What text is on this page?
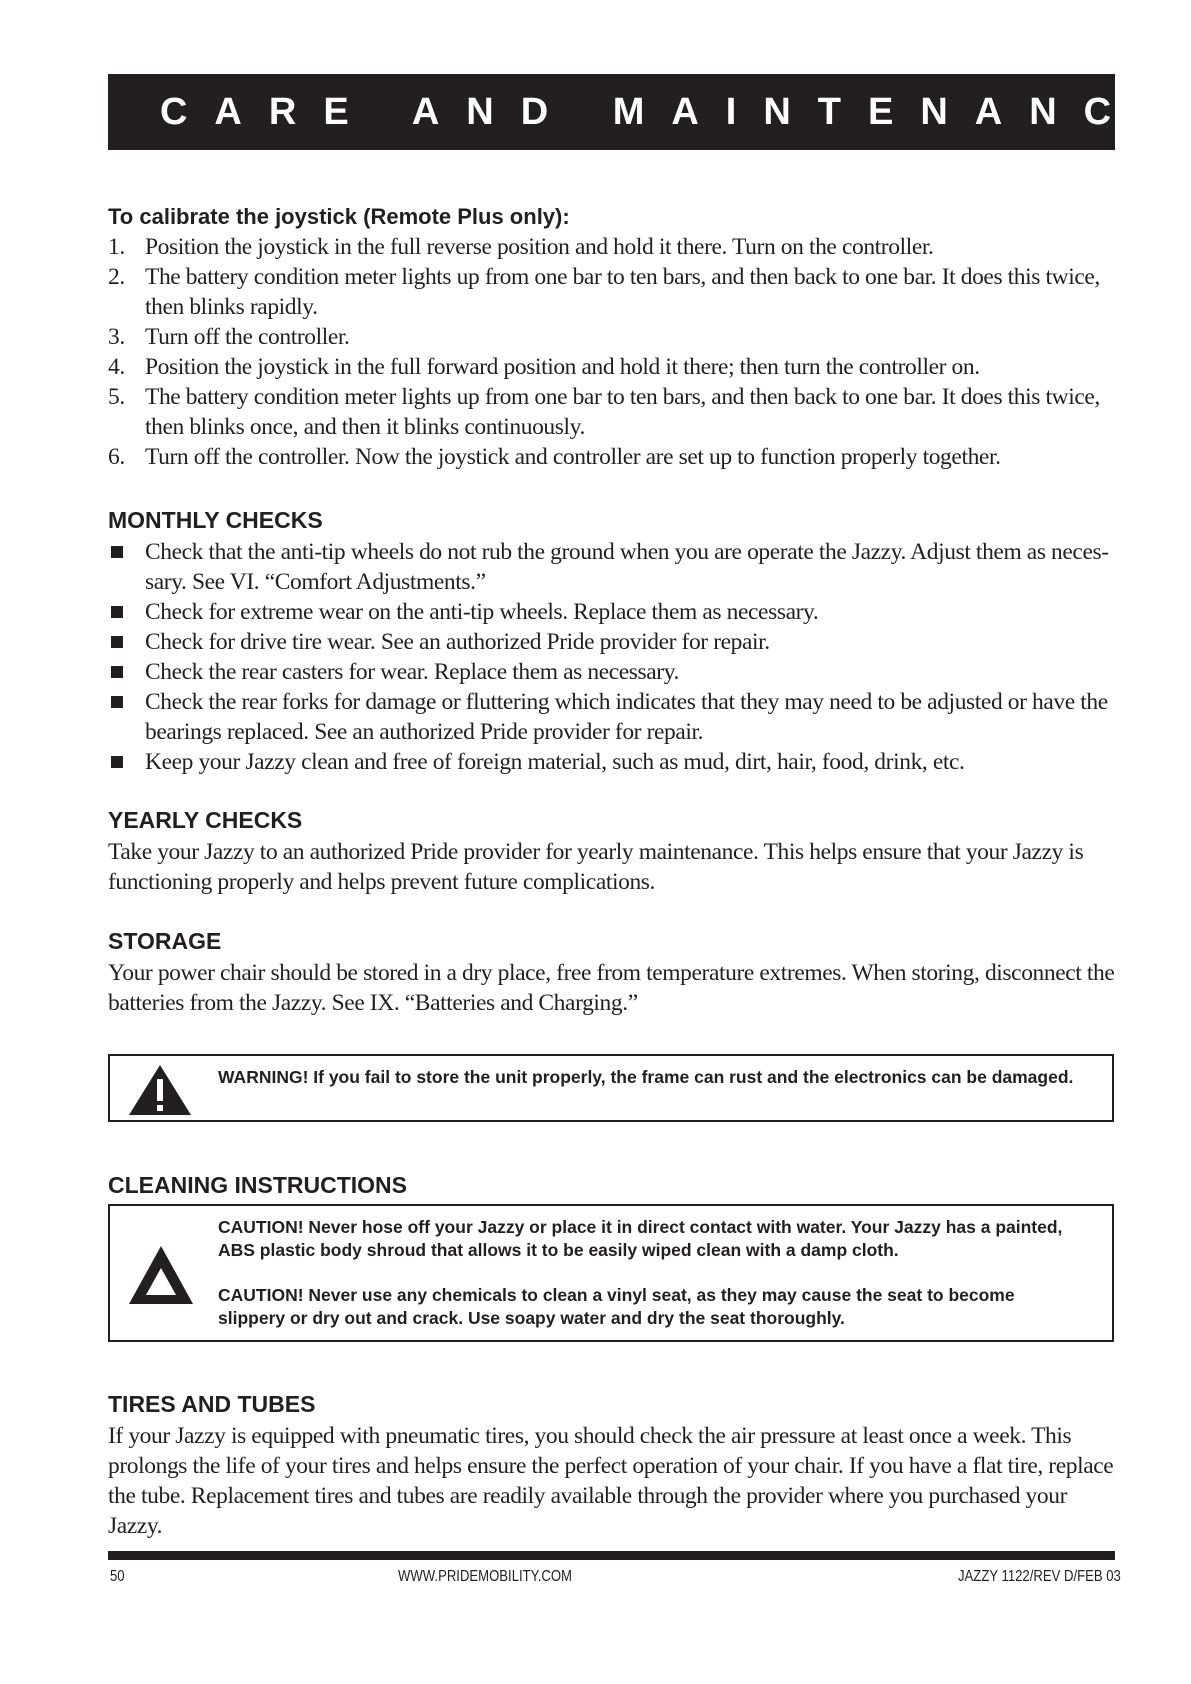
X. CARE AND MAINTENANCE
To calibrate the joystick (Remote Plus only):
1. Position the joystick in the full reverse position and hold it there. Turn on the controller.
2. The battery condition meter lights up from one bar to ten bars, and then back to one bar. It does this twice, then blinks rapidly.
3. Turn off the controller.
4. Position the joystick in the full forward position and hold it there; then turn the controller on.
5. The battery condition meter lights up from one bar to ten bars, and then back to one bar. It does this twice, then blinks once, and then it blinks continuously.
6. Turn off the controller. Now the joystick and controller are set up to function properly together.
MONTHLY CHECKS
Check that the anti-tip wheels do not rub the ground when you are operate the Jazzy. Adjust them as neces-sary. See VI. “Comfort Adjustments.”
Check for extreme wear on the anti-tip wheels. Replace them as necessary.
Check for drive tire wear. See an authorized Pride provider for repair.
Check the rear casters for wear. Replace them as necessary.
Check the rear forks for damage or fluttering which indicates that they may need to be adjusted or have the bearings replaced. See an authorized Pride provider for repair.
Keep your Jazzy clean and free of foreign material, such as mud, dirt, hair, food, drink, etc.
YEARLY CHECKS

Take your Jazzy to an authorized Pride provider for yearly maintenance. This helps ensure that your Jazzy is functioning properly and helps prevent future complications.

STORAGE

Your power chair should be stored in a dry place, free from temperature extremes. When storing, disconnect the batteries from the Jazzy. See IX. “Batteries and Charging.”

WARNING! If you fail to store the unit properly, the frame can rust and the electronics can be damaged.
CLEANING INSTRUCTIONS
CAUTION! Never hose off your Jazzy or place it in direct contact with water. Your Jazzy has a painted, ABS plastic body shroud that allows it to be easily wiped clean with a damp cloth.
CAUTION! Never use any chemicals to clean a vinyl seat, as they may cause the seat to become slippery or dry out and crack. Use soapy water and dry the seat thoroughly.
TIRES AND TUBES

If your Jazzy is equipped with pneumatic tires, you should check the air pressure at least once a week. This prolongs the life of your tires and helps ensure the perfect operation of your chair. If you have a flat tire, replace the tube. Replacement tires and tubes are readily available through the provider where you purchased your Jazzy.

50	WWW.PRIDEMOBILITY.COM	JAZZY 1122/REV D/FEB 03
